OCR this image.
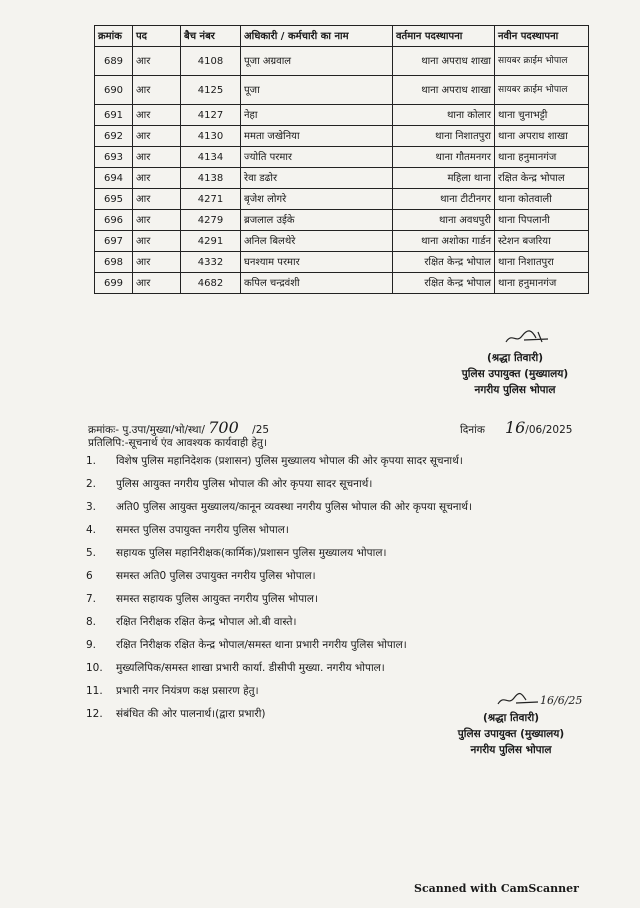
क्रमांक	पद	बैच नंबर	अधिकारी / कर्मचारी का नाम	वर्तमान पदस्थापना	नवीन पदस्थापना
689	आर	4108	पूजा अग्रवाल	थाना अपराध शाखा	सायबर क्राईम भोपाल
690	आर	4125	पूजा	थाना अपराध शाखा	सायबर क्राईम भोपाल
691	आर	4127	नेहा	थाना कोलार	थाना चुनाभट्टी
692	आर	4130	ममता जखेनिया	थाना निशातपुरा	थाना अपराध शाखा
693	आर	4134	ज्योति परमार	थाना गौतमनगर	थाना हनुमानगंज
694	आर	4138	रेवा डढोर	महिला थाना	रक्षित केन्द्र भोपाल
695	आर	4271	बृजेश लोगरे	थाना टीटीनगर	थाना कोतवाली
696	आर	4279	ब्रजलाल उईके	थाना अवधपुरी	थाना पिपलानी
697	आर	4291	अनिल बिलथेरे	थाना अशोका गार्डन	स्टेशन बजरिया
698	आर	4332	घनश्याम परमार	रक्षित केन्द्र भोपाल	थाना निशातपुरा
699	आर	4682	कपिल चन्द्रवंशी	रक्षित केन्द्र भोपाल	थाना हनुमानगंज
(श्रद्धा तिवारी)
पुलिस उपायुक्त (मुख्यालय)
नगरीय पुलिस भोपाल
क्रमांकः- पु.उपा/मुख्या/भो/स्था/ 700 /25	दिनांक 16/06/2025
प्रतिलिपि:-सूचनार्थ एंव आवश्यक कार्यवाही हेतु।
1.	विशेष पुलिस महानिदेशक (प्रशासन) पुलिस मुख्यालय भोपाल की ओर कृपया सादर सूचनार्थ।
2.	पुलिस आयुक्त नगरीय पुलिस भोपाल की ओर कृपया सादर सूचनार्थ।
3.	अति0 पुलिस आयुक्त मुख्यालय/कानून व्यवस्था नगरीय पुलिस भोपाल की ओर कृपया सूचनार्थ।
4.	समस्त पुलिस उपायुक्त नगरीय पुलिस भोपाल।
5.	सहायक पुलिस महानिरीक्षक(कार्मिक)/प्रशासन पुलिस मुख्यालय भोपाल।
6	समस्त अति0 पुलिस उपायुक्त नगरीय पुलिस भोपाल।
7.	समस्त सहायक पुलिस आयुक्त नगरीय पुलिस भोपाल।
8.	रक्षित निरीक्षक रक्षित केन्द्र भोपाल ओ.बी वास्ते।
9.	रक्षित निरीक्षक रक्षित केन्द्र भोपाल/समस्त थाना प्रभारी नगरीय पुलिस भोपाल।
10.	मुख्यलिपिक/समस्त शाखा प्रभारी कार्या. डीसीपी मुख्या. नगरीय भोपाल।
11.	प्रभारी नगर नियंत्रण कक्ष प्रसारण हेतु।
12.	संबंधित की ओर पालनार्थ।(द्वारा प्रभारी)
16/6/25
(श्रद्धा तिवारी)
पुलिस उपायुक्त (मुख्यालय)
नगरीय पुलिस भोपाल
Scanned with CamScanner
